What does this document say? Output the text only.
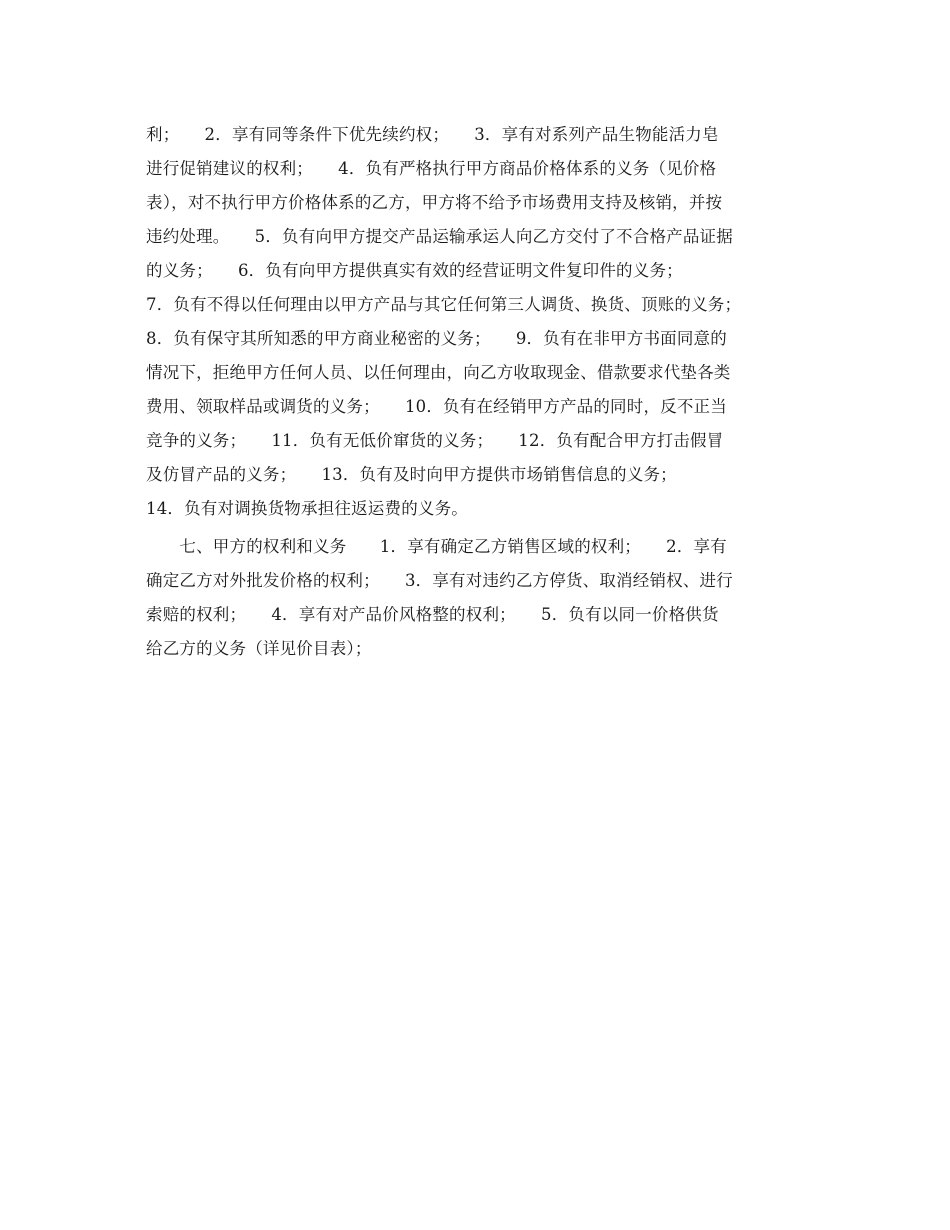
利；　　2．享有同等条件下优先续约权；　　3．享有对系列产品生物能活力皂
进行促销建议的权利；　　4．负有严格执行甲方商品价格体系的义务（见价格
表），对不执行甲方价格体系的乙方，甲方将不给予市场费用支持及核销，并按
违约处理。　　5．负有向甲方提交产品运输承运人向乙方交付了不合格产品证据
的义务；　　6．负有向甲方提供真实有效的经营证明文件复印件的义务；
7．负有不得以任何理由以甲方产品与其它任何第三人调货、换货、顶账的义务；
8．负有保守其所知悉的甲方商业秘密的义务；　　9．负有在非甲方书面同意的
情况下，拒绝甲方任何人员、以任何理由，向乙方收取现金、借款要求代垫各类
费用、领取样品或调货的义务；　　10．负有在经销甲方产品的同时，反不正当
竞争的义务；　　11．负有无低价窜货的义务；　　12．负有配合甲方打击假冒
及仿冒产品的义务；　　13．负有及时向甲方提供市场销售信息的义务；
14．负有对调换货物承担往返运费的义务。
　　七、甲方的权利和义务　　1．享有确定乙方销售区域的权利；　　2．享有
确定乙方对外批发价格的权利；　　3．享有对违约乙方停货、取消经销权、进行
索赔的权利；　　4．享有对产品价风格整的权利；　　5．负有以同一价格供货
给乙方的义务（详见价目表）；
